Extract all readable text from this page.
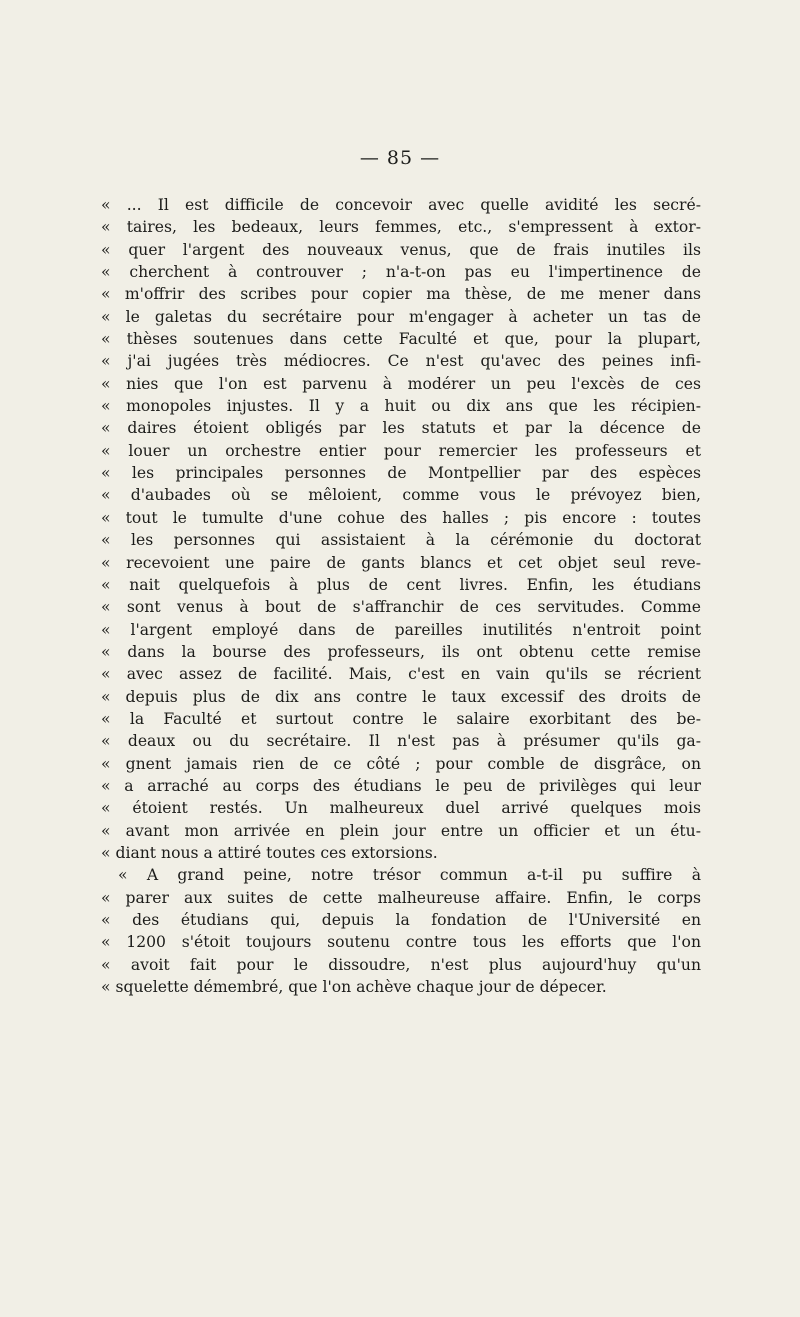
— 85 —
« ... Il est difficile de concevoir avec quelle avidité les secré-
« taires, les bedeaux, leurs femmes, etc., s'empressent à extor-
« quer l'argent des nouveaux venus, que de frais inutiles ils
« cherchent à controuver ; n'a-t-on pas eu l'impertinence de
« m'offrir des scribes pour copier ma thèse, de me mener dans
« le galetas du secrétaire pour m'engager à acheter un tas de
« thèses soutenues dans cette Faculté et que, pour la plupart,
« j'ai jugées très médiocres. Ce n'est qu'avec des peines infi-
« nies que l'on est parvenu à modérer un peu l'excès de ces
« monopoles injustes. Il y a huit ou dix ans que les récipien-
« daires étoient obligés par les statuts et par la décence de
« louer un orchestre entier pour remercier les professeurs et
« les principales personnes de Montpellier par des espèces
« d'aubades où se mêloient, comme vous le prévoyez bien,
« tout le tumulte d'une cohue des halles ; pis encore : toutes
« les personnes qui assistaient à la cérémonie du doctorat
« recevoient une paire de gants blancs et cet objet seul reve-
« nait quelquefois à plus de cent livres. Enfin, les étudians
« sont venus à bout de s'affranchir de ces servitudes. Comme
« l'argent employé dans de pareilles inutilités n'entroit point
« dans la bourse des professeurs, ils ont obtenu cette remise
« avec assez de facilité. Mais, c'est en vain qu'ils se récrient
« depuis plus de dix ans contre le taux excessif des droits de
« la Faculté et surtout contre le salaire exorbitant des be-
« deaux ou du secrétaire. Il n'est pas à présumer qu'ils ga-
« gnent jamais rien de ce côté ; pour comble de disgrâce, on
« a arraché au corps des étudians le peu de privilèges qui leur
« étoient restés. Un malheureux duel arrivé quelques mois
« avant mon arrivée en plein jour entre un officier et un étu-
« diant nous a attiré toutes ces extorsions.
« A grand peine, notre trésor commun a-t-il pu suffire à
« parer aux suites de cette malheureuse affaire. Enfin, le corps
« des étudians qui, depuis la fondation de l'Université en
« 1200 s'étoit toujours soutenu contre tous les efforts que l'on
« avoit fait pour le dissoudre, n'est plus aujourd'huy qu'un
« squelette démembré, que l'on achève chaque jour de dépecer.
